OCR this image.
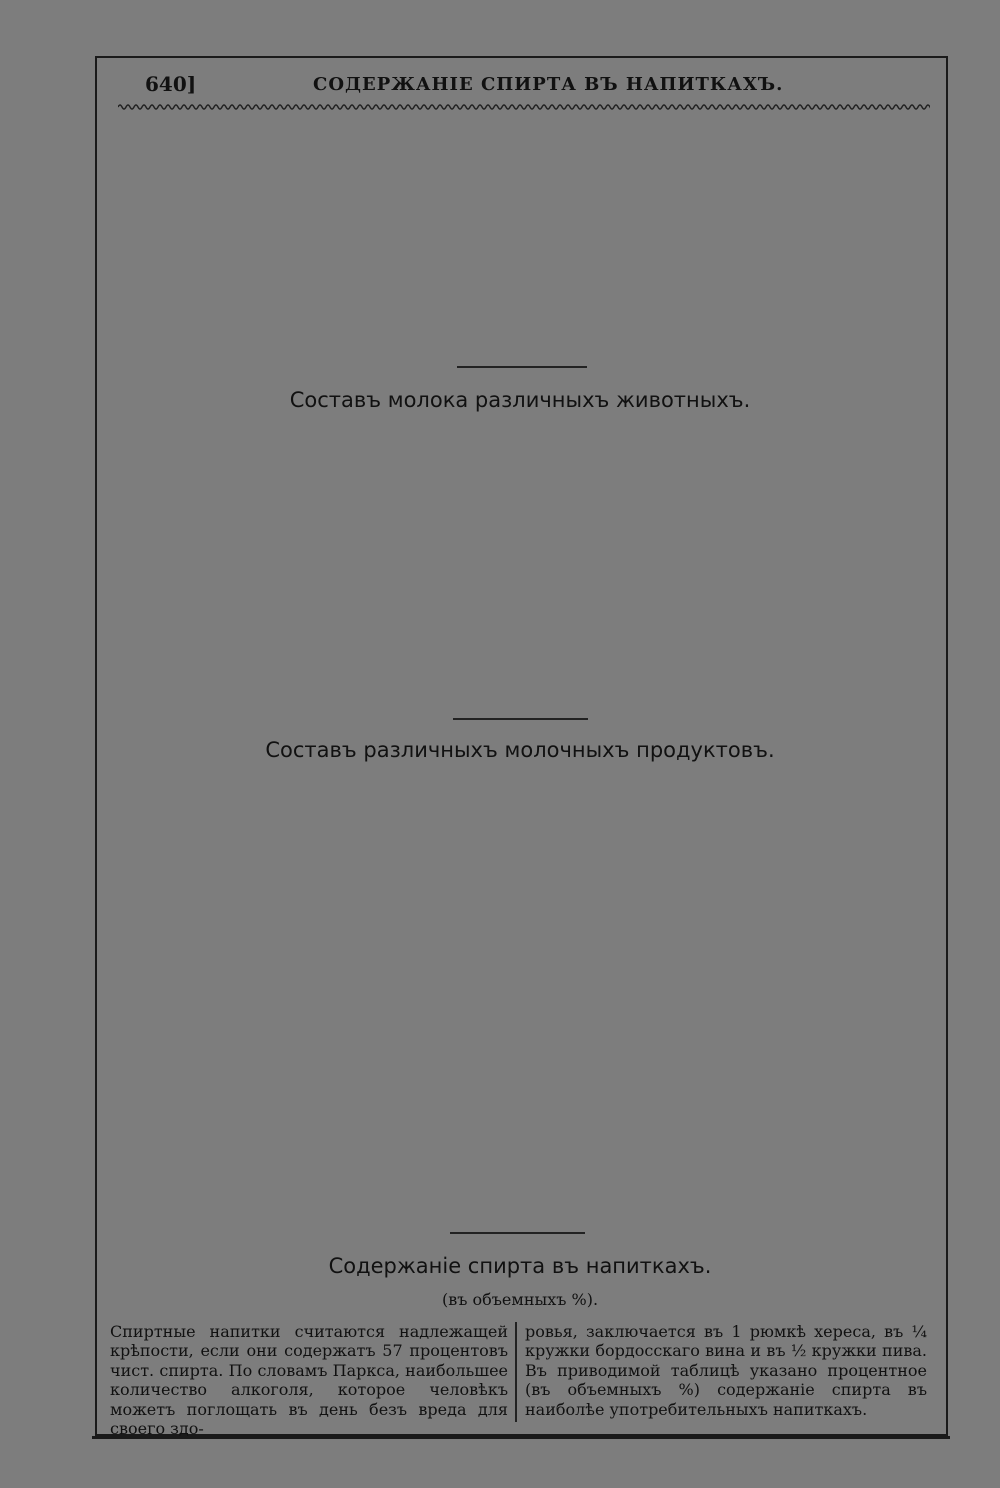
640]	СОДЕРЖАНІЕ СПИРТА ВЪ НАПИТКАХЪ.
Составъ молока различныхъ животныхъ.
Составъ различныхъ молочныхъ продуктовъ.
Содержаніе спирта въ напиткахъ.
(въ объемныхъ %).
Спиртные напитки считаются надлежащей крѣпости, если они содержатъ 57 процентовъ чист. спирта. По словамъ Паркса, наибольшее количество алкоголя, которое человѣкъ можетъ поглощать въ день безъ вреда для своего здо-
ровья, заключается въ 1 рюмкѣ хереса, въ ¼ кружки бордосскаго вина и въ ½ кружки пива. Въ приводимой таблицѣ указано процентное (въ объемныхъ %) содержаніе спирта въ наиболѣе употребительныхъ напиткахъ.
